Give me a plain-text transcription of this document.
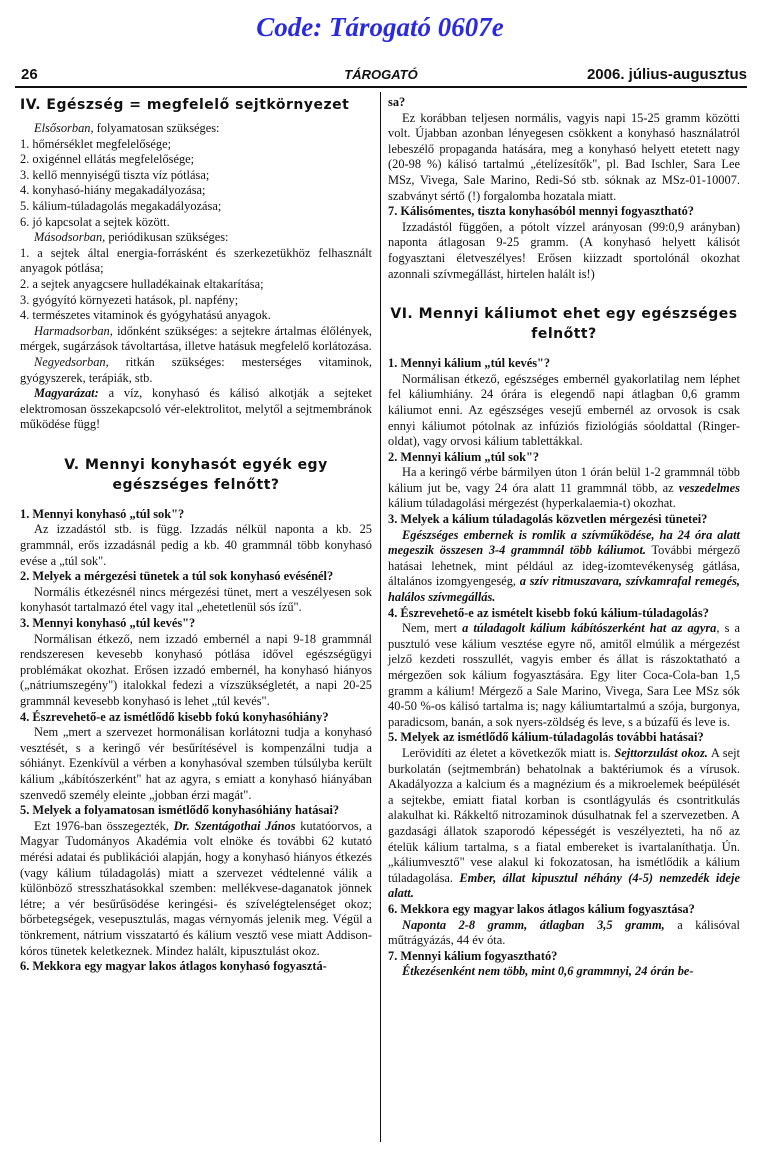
Code: Tárogató 0607e
26	TÁROGATÓ	2006. július-augusztus

IV. Egészség = megfelelő sejtkörnyezet

Elsősorban, folyamatosan szükséges:

1. hőmérséklet megfelelősége;

2. oxigénnel ellátás megfelelősége;

3. kellő mennyiségű tiszta víz pótlása;

4. konyhasó-hiány megakadályozása;

5. kálium-túladagolás megakadályozása;

6. jó kapcsolat a sejtek között.

Másodsorban, periódikusan szükséges:

1. a sejtek által energia-forrásként és szerkezetükhöz felhasznált anyagok pótlása;

2. a sejtek anyagcsere hulladékainak eltakarítása;

3. gyógyító környezeti hatások, pl. napfény;

4. természetes vitaminok és gyógyhatású anyagok.

Harmadsorban, időnként szükséges: a sejtekre ártalmas élőlények, mérgek, sugárzások távoltartása, illetve hatásuk megfelelő korlátozása.

Negyedsorban, ritkán szükséges: mesterséges vitaminok, gyógyszerek, terápiák, stb.

Magyarázat: a víz, konyhasó és kálisó alkotják a sejteket elektromosan összekapcsoló vér-elektrolitot, melytől a sejtmembránok működése függ!

V. Mennyi konyhasót egyék egy egészséges felnőtt?

1. Mennyi konyhasó „túl sok"?

Az izzadástól stb. is függ. Izzadás nélkül naponta a kb. 25 grammnál, erős izzadásnál pedig a kb. 40 grammnál több konyhasó evése a „túl sok".

2. Melyek a mérgezési tünetek a túl sok konyhasó evésénél?

Normális étkezésnél nincs mérgezési tünet, mert a veszélyesen sok konyhasót tartalmazó étel vagy ital „ehetetlenül sós ízű".

3. Mennyi konyhasó „túl kevés"?

Normálisan étkező, nem izzadó embernél a napi 9-18 grammnál rendszeresen kevesebb konyhasó pótlása idővel egészségügyi problémákat okozhat. Erősen izzadó embernél, ha konyhasó hiányos („nátriumszegény") italokkal fedezi a vízszükségletét, a napi 20-25 grammnál kevesebb konyhasó is lehet „túl kevés".

4. Észrevehető-e az ismétlődő kisebb fokú konyhasóhiány?

Nem „mert a szervezet hormonálisan korlátozni tudja a konyhasó vesztését, s a keringő vér besűrítésével is kompenzálni tudja a sóhiányt. Ezenkívül a vérben a konyhasóval szemben túlsúlyba került kálium „kábítószerként" hat az agyra, s emiatt a konyhasó hiányában szenvedő személy eleinte „jobban érzi magát".

5. Melyek a folyamatosan ismétlődő konyhasóhiány hatásai?

Ezt 1976-ban összegezték, Dr. Szentágothai János kutatóorvos, a Magyar Tudományos Akadémia volt elnöke és további 62 kutató mérési adatai és publikációi alapján, hogy a konyhasó hiányos étkezés (vagy kálium túladagolás) miatt a szervezet védtelenné válik a különböző stresszhatásokkal szemben: mellékvese-daganatok jönnek létre; a vér besűrűsödése keringési- és szívelégtelenséget okoz; bőrbetegségek, vesepusztulás, magas vérnyomás jelenik meg. Végül a tönkrement, nátrium visszatartó és kálium vesztő vese miatt Addison-kóros tünetek keletkeznek. Mindez halált, kipusztulást okoz.

6. Mekkora egy magyar lakos átlagos konyhasó fogyasztá-

sa?

Ez korábban teljesen normális, vagyis napi 15-25 gramm közötti volt. Újabban azonban lényegesen csökkent a konyhasó használatról lebeszélő propaganda hatására, meg a konyhasó helyett etetett nagy (20-98 %) kálisó tartalmú „ételízesítők", pl. Bad Ischler, Sara Lee MSz, Vivega, Sale Marino, Redi-Só stb. sóknak az MSz-01-10007. szabványt sértő (!) forgalomba hozatala miatt.

7. Kálisómentes, tiszta konyhasóból mennyi fogyasztható?

Izzadástól függően, a pótolt vízzel arányosan (99:0,9 arányban) naponta átlagosan 9-25 gramm. (A konyhasó helyett kálisót fogyasztani életveszélyes! Erősen kiizzadt sportolónál okozhat azonnali szívmegállást, hirtelen halált is!)

VI. Mennyi káliumot ehet egy egészséges felnőtt?

1. Mennyi kálium „túl kevés"?

Normálisan étkező, egészséges embernél gyakorlatilag nem léphet fel káliumhiány. 24 órára is elegendő napi átlagban 0,6 gramm káliumot enni. Az egészséges vesejű embernél az orvosok is csak ennyi káliumot pótolnak az infúziós fiziológiás sóoldattal (Ringer-oldat), vagy orvosi kálium tablettákkal.

2. Mennyi kálium „túl sok"?

Ha a keringő vérbe bármilyen úton 1 órán belül 1-2 grammnál több kálium jut be, vagy 24 óra alatt 11 grammnál több, az veszedelmes kálium túladagolási mérgezést (hyperkalaemia-t) okozhat.

3. Melyek a kálium túladagolás közvetlen mérgezési tünetei?

Egészséges embernek is romlik a szívműködése, ha 24 óra alatt megeszik összesen 3-4 grammnál több káliumot. További mérgező hatásai lehetnek, mint például az ideg-izomtevékenység gátlása, általános izomgyengeség, a szív ritmuszavara, szívkamrafal remegés, halálos szívmegállás.

4. Észrevehető-e az ismételt kisebb fokú kálium-túladagolás?

Nem, mert a túladagolt kálium kábítószerként hat az agyra, s a pusztuló vese kálium vesztése egyre nő, amitől elmúlik a mérgezést jelző kezdeti rosszullét, vagyis ember és állat is rászoktatható a mérgezően sok kálium fogyasztására. Egy liter Coca-Cola-ban 1,5 gramm a kálium! Mérgező a Sale Marino, Vivega, Sara Lee MSz sók 40-50 %-os kálisó tartalma is; nagy káliumtartalmú a szója, burgonya, paradicsom, banán, a sok nyers-zöldség és leve, s a búzafű és leve is.

5. Melyek az ismétlődő kálium-túladagolás további hatásai?

Lerövidíti az életet a következők miatt is. Sejttorzulást okoz. A sejt burkolatán (sejtmembrán) behatolnak a baktériumok és a vírusok. Akadályozza a kalcium és a magnézium és a mikroelemek beépülését a sejtekbe, emiatt fiatal korban is csontlágyulás és csontritkulás alakulhat ki. Rákkeltő nitrozaminok dúsulhatnak fel a szervezetben. A gazdasági állatok szaporodó képességét is veszélyezteti, ha nő az ételük kálium tartalma, s a fiatal embereket is ivartalaníthatja. Ún. „káliumvesztő" vese alakul ki fokozatosan, ha ismétlődik a kálium túladagolása. Ember, állat kipusztul néhány (4-5) nemzedék ideje alatt.

6. Mekkora egy magyar lakos átlagos kálium fogyasztása?

Naponta 2-8 gramm, átlagban 3,5 gramm, a kálisóval műtrágyázás, 44 év óta.

7. Mennyi kálium fogyasztható?

Étkezésenként nem több, mint 0,6 grammnyi, 24 órán be-
